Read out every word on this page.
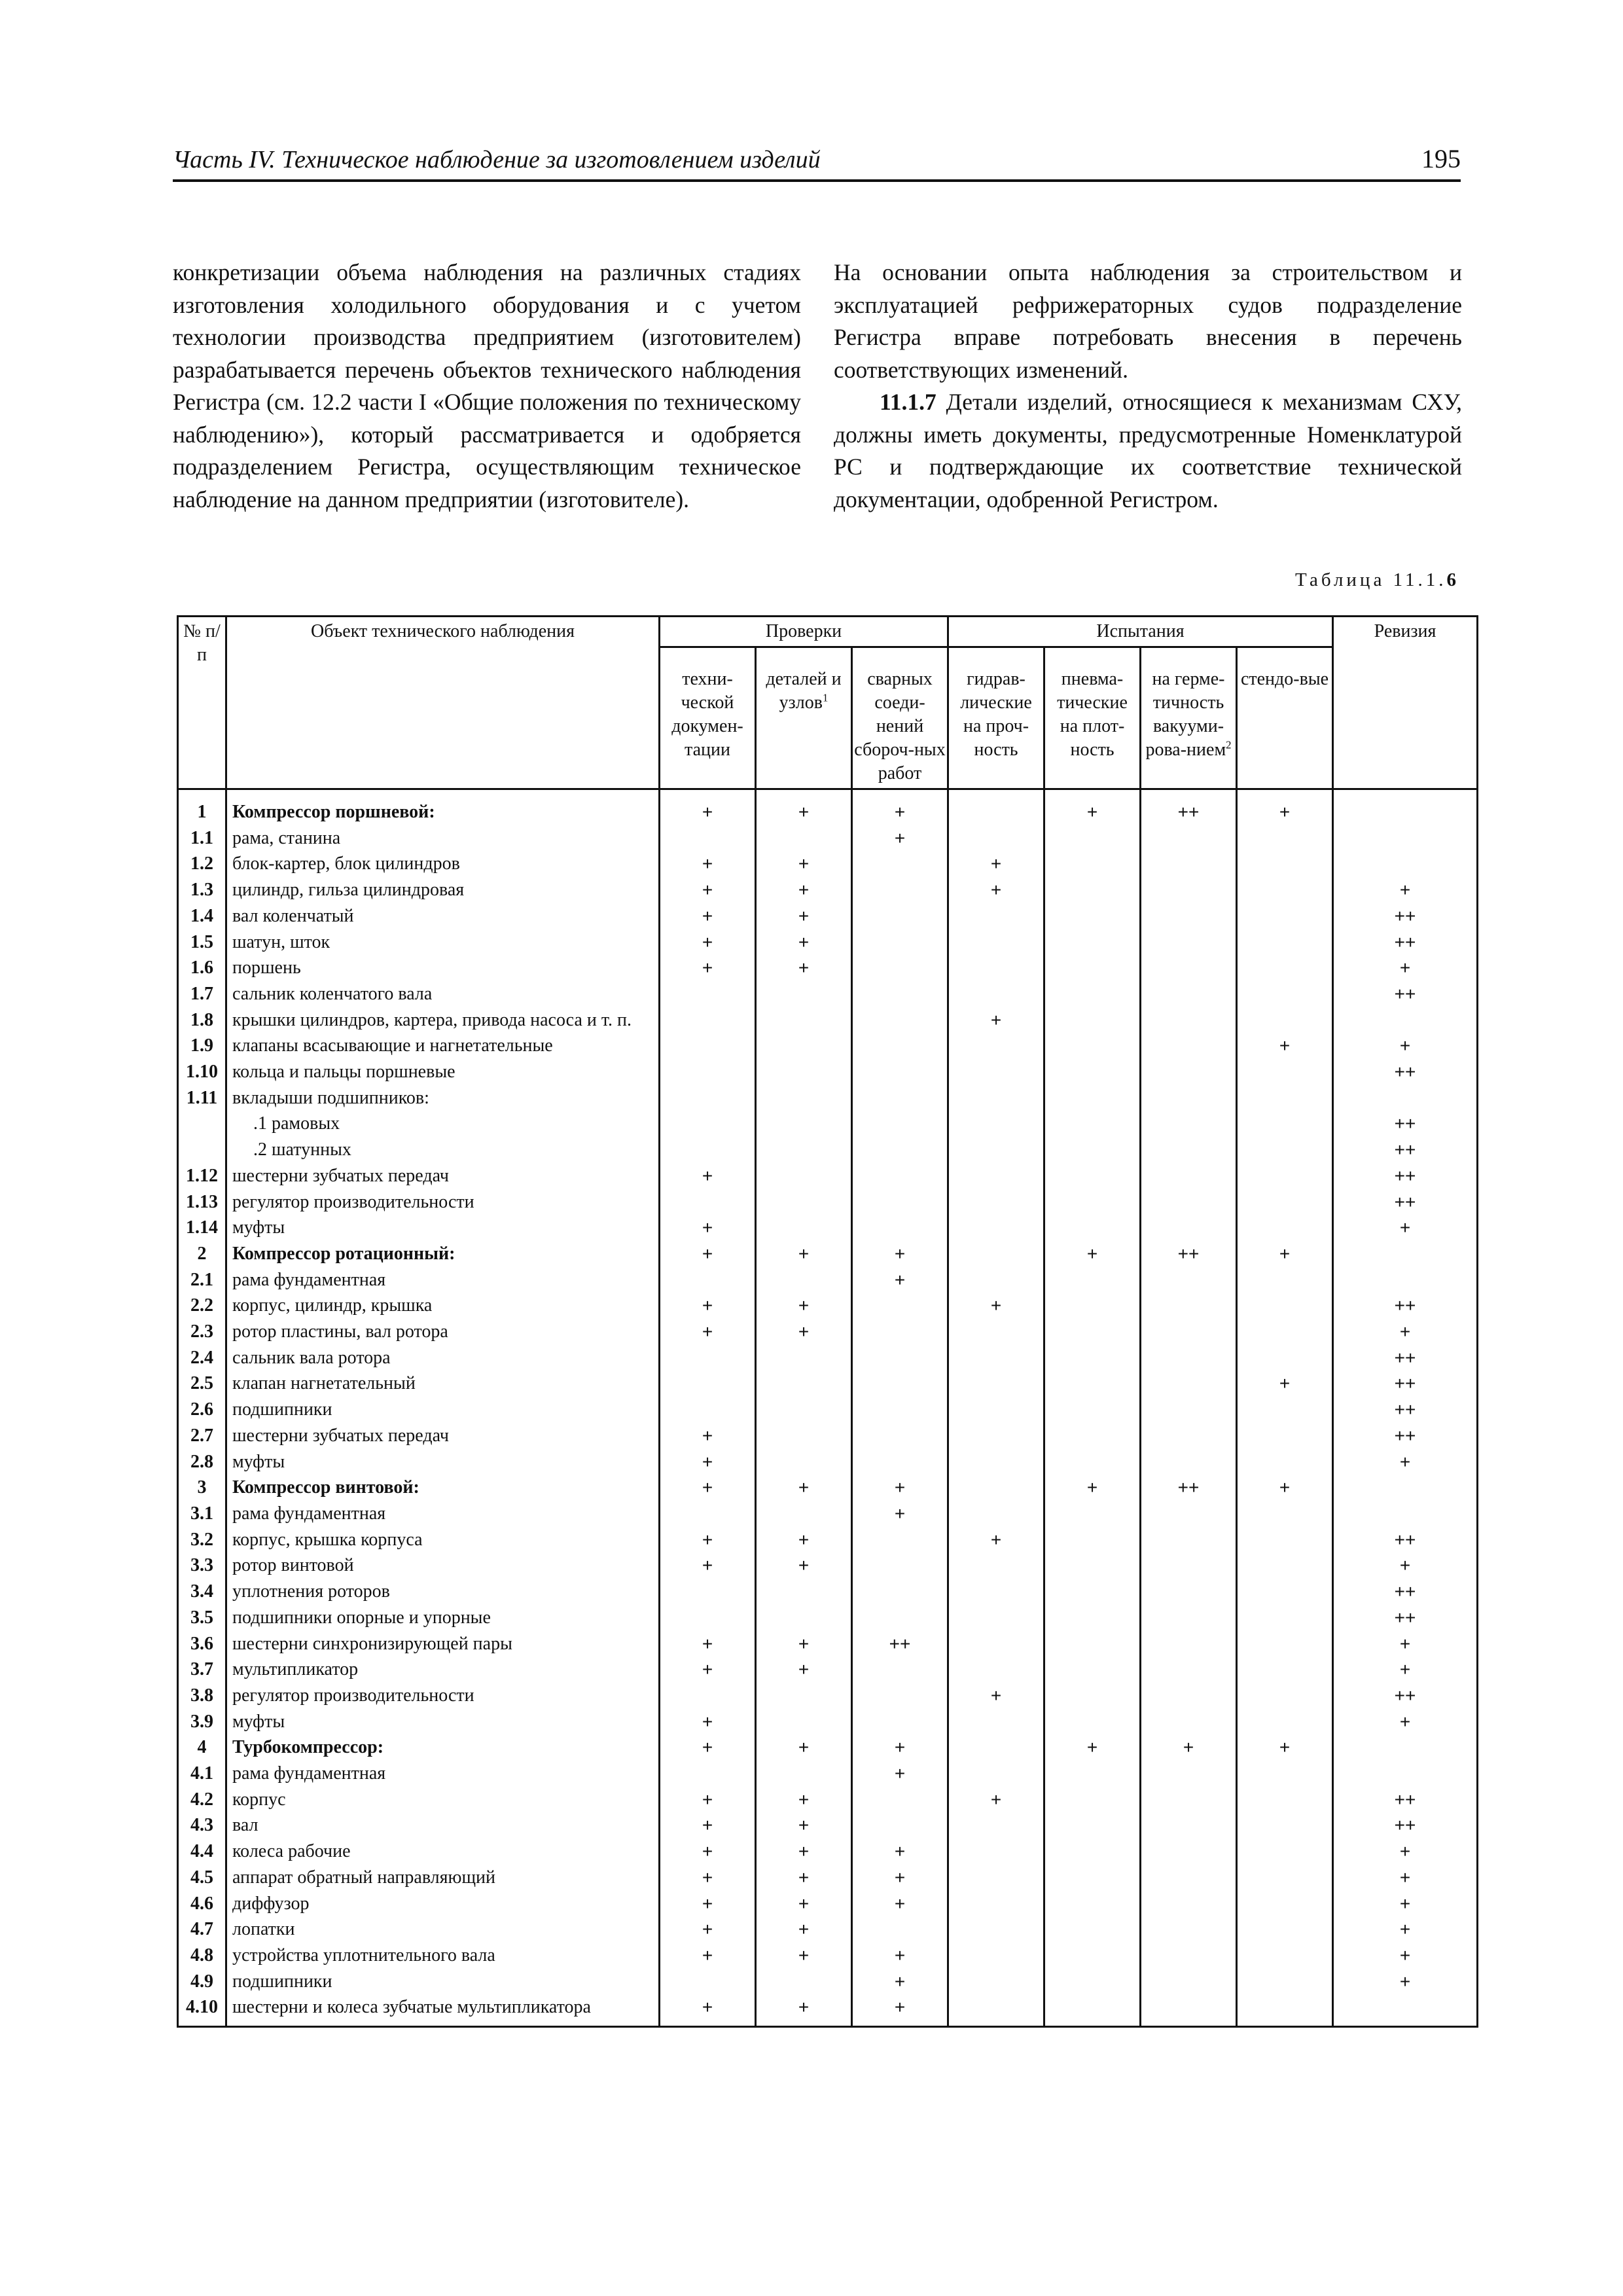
Часть IV. Техническое наблюдение за изготовлением изделий	195

конкретизации объема наблюдения на различных стадиях изготовления холодильного оборудования и с учетом технологии производства предприятием (изготовителем) разрабатывается перечень объектов технического наблюдения Регистра (см. 12.2 части I «Общие положения по техническому наблюдению»), который рассматривается и одобряется подразделением Регистра, осуществляющим техническое наблюдение на данном предприятии (изготовителе).

На основании опыта наблюдения за строительством и эксплуатацией рефрижераторных судов подразделение Регистра вправе потребовать внесения в перечень соответствующих изменений.

11.1.7 Детали изделий, относящиеся к механизмам СХУ, должны иметь документы, предусмотренные Номенклатурой РС и подтверждающие их соответствие технической документации, одобренной Регистром.

Таблица 11.1.6
№ п/п	Объект технического наблюдения	Проверки			Испытания				Ревизия
		техни-ческой докумен-тации	деталей и узлов$^1$	сварных соеди-нений сбороч-ных работ	гидрав-лические на проч-ность	пневма-тические на плот-ность	на герме-тичность вакууми-рова-нием$^2$	стендо-вые	
1	Компрессор поршневой:	+	+	+		+	++	+	
1.1	рама, станина			+					
1.2	блок-картер, блок цилиндров	+	+		+				
1.3	цилиндр, гильза цилиндровая	+	+		+				+
1.4	вал коленчатый	+	+						++
1.5	шатун, шток	+	+						++
1.6	поршень	+	+						+
1.7	сальник коленчатого вала								++
1.8	крышки цилиндров, картера, привода насоса и т. п.				+				
1.9	клапаны всасывающие и нагнетательные							+	+
1.10	кольца и пальцы поршневые								++
1.11	вкладыши подшипников:								
	.1 рамовых								++
	.2 шатунных								++
1.12	шестерни зубчатых передач	+							++
1.13	регулятор производительности								++
1.14	муфты	+							+
2	Компрессор ротационный:	+	+	+		+	++	+	
2.1	рама фундаментная			+					
2.2	корпус, цилиндр, крышка	+	+		+				++
2.3	ротор пластины, вал ротора	+	+						+
2.4	сальник вала ротора								++
2.5	клапан нагнетательный							+	++
2.6	подшипники								++
2.7	шестерни зубчатых передач	+							++
2.8	муфты	+							+
3	Компрессор винтовой:	+	+	+		+	++	+	
3.1	рама фундаментная			+					
3.2	корпус, крышка корпуса	+	+		+				++
3.3	ротор винтовой	+	+						+
3.4	уплотнения роторов								++
3.5	подшипники опорные и упорные								++
3.6	шестерни синхронизирующей пары	+	+	++					+
3.7	мультипликатор	+	+						+
3.8	регулятор производительности				+				++
3.9	муфты	+							+
4	Турбокомпрессор:	+	+	+		+	+	+	
4.1	рама фундаментная			+					
4.2	корпус	+	+		+				++
4.3	вал	+	+						++
4.4	колеса рабочие	+	+	+					+
4.5	аппарат обратный направляющий	+	+	+					+
4.6	диффузор	+	+	+					+
4.7	лопатки	+	+						+
4.8	устройства уплотнительного вала	+	+	+					+
4.9	подшипники			+					+
4.10	шестерни и колеса зубчатые мультипликатора	+	+	+					
